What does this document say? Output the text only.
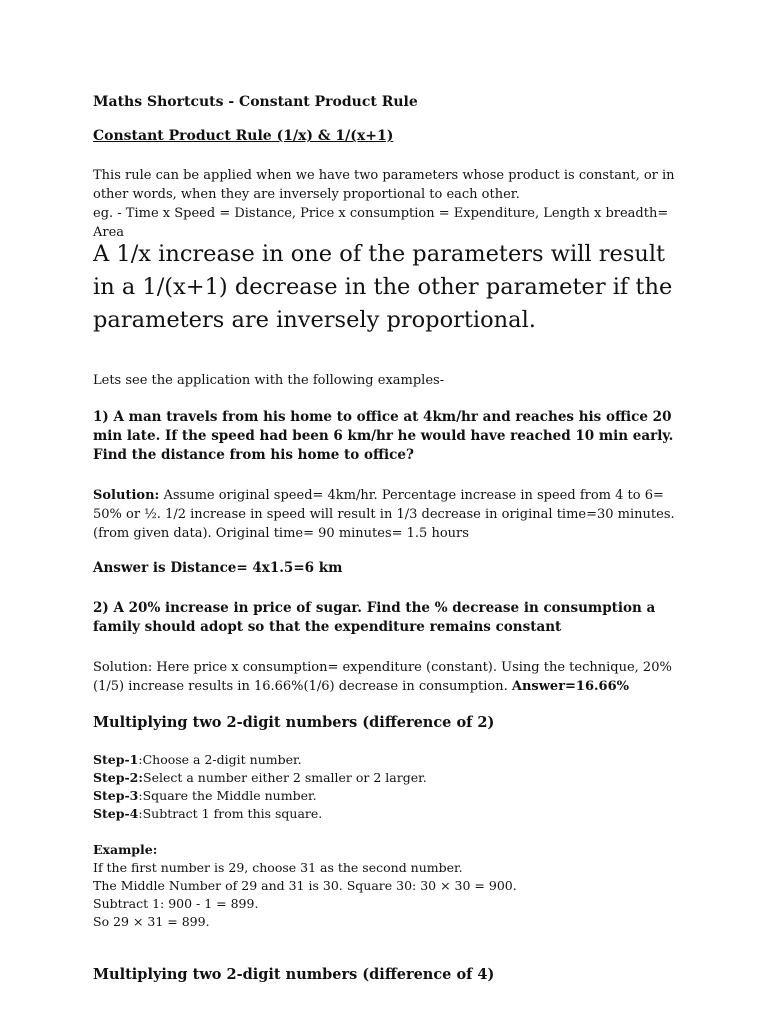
Maths Shortcuts - Constant Product Rule

Constant Product Rule (1/x) & 1/(x+1)

This rule can be applied when we have two parameters whose product is constant, or in other words, when they are inversely proportional to each other.
eg. - Time x Speed = Distance, Price x consumption = Expenditure, Length x breadth= Area

A 1/x increase in one of the parameters will result in a 1/(x+1) decrease in the other parameter if the parameters are inversely proportional.

Lets see the application with the following examples-

1) A man travels from his home to office at 4km/hr and reaches his office 20 min late. If the speed had been 6 km/hr he would have reached 10 min early. Find the distance from his home to office?

Solution: Assume original speed= 4km/hr. Percentage increase in speed from 4 to 6= 50% or ½. 1/2 increase in speed will result in 1/3 decrease in original time=30 minutes.(from given data). Original time= 90 minutes= 1.5 hours

Answer is Distance= 4x1.5=6 km

2) A 20% increase in price of sugar. Find the % decrease in consumption a family should adopt so that the expenditure remains constant

Solution: Here price x consumption= expenditure (constant). Using the technique, 20% (1/5) increase results in 16.66%(1/6) decrease in consumption. Answer=16.66%

Multiplying two 2-digit numbers (difference of 2)

Step-1:Choose a 2-digit number.
Step-2:Select a number either 2 smaller or 2 larger.
Step-3:Square the Middle number.
Step-4:Subtract 1 from this square.
Example:
If the first number is 29, choose 31 as the second number.
The Middle Number of 29 and 31 is 30. Square 30: 30 × 30 = 900.
Subtract 1: 900 - 1 = 899.
So 29 × 31 = 899.

Multiplying two 2-digit numbers (difference of 4)
